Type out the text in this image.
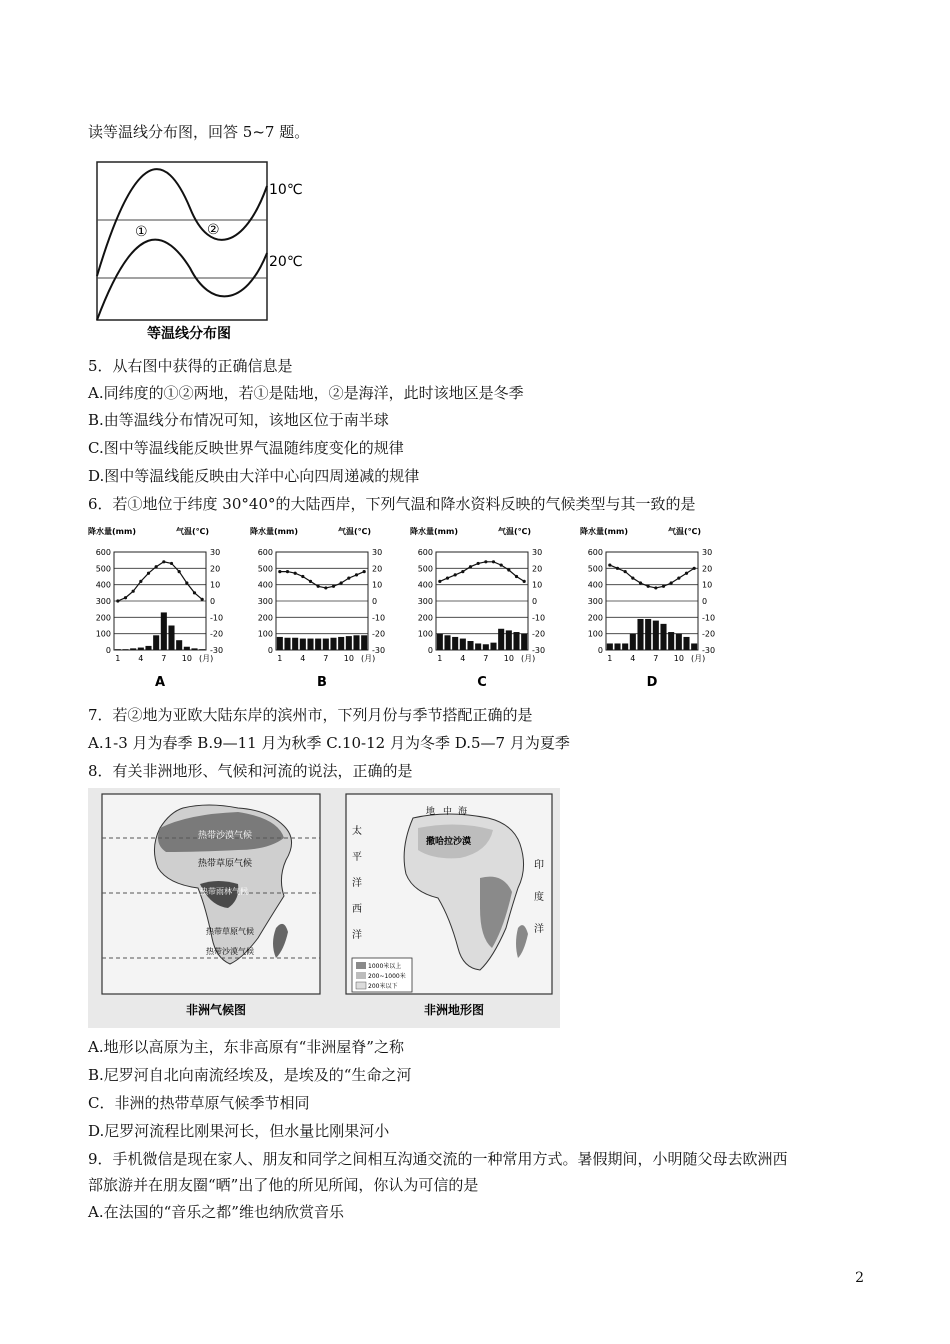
读等温线分布图，回答 5~7 题。
10℃
20℃
①	②
等温线分布图
5．从右图中获得的正确信息是
A.同纬度的①②两地，若①是陆地，②是海洋，此时该地区是冬季
B.由等温线分布情况可知，该地区位于南半球
C.图中等温线能反映世界气温随纬度变化的规律
D.图中等温线能反映由大洋中心向四周递减的规律
6．若①地位于纬度 30°40°的大陆西岸，下列气温和降水资料反映的气候类型与其一致的是
降水量(mm)	气温(℃)
600	30
500	20
400	10
300	0
200	-10
100	-20
0	-30
1 4 7 10 (月)
A
降水量(mm)	气温(℃)
600	30
500	20
400	10
300	0
200	-10
100	-20
0	-30
1 4 7 10 (月)
B
降水量(mm)	气温(℃)
600	30
500	20
400	10
300	0
200	-10
100	-20
0	-30
1 4 7 10 (月)
C
降水量(mm)	气温(℃)
600	30
500	20
400	10
300	0
200	-10
100	-20
0	-30
1 4 7 10 (月)
D
7．若②地为亚欧大陆东岸的滨州市，下列月份与季节搭配正确的是
A.1-3 月为春季 B.9—11 月为秋季 C.10-12 月为冬季 D.5—7 月为夏季
8．有关非洲地形、气候和河流的说法，正确的是
热带草原气候
热带沙漠气候
热带雨林气候
热带草原气候
热带沙漠气候
非洲气候图
地 中 海
撒哈拉沙漠
太
平
洋
西
洋
印
度
洋
1000米以上
200~1000米
200米以下
非洲地形图
A.地形以高原为主，东非高原有“非洲屋脊”之称
B.尼罗河自北向南流经埃及，是埃及的“生命之河
C．非洲的热带草原气候季节相同
D.尼罗河流程比刚果河长，但水量比刚果河小
9．手机微信是现在家人、朋友和同学之间相互沟通交流的一种常用方式。暑假期间，小明随父母去欧洲西
部旅游并在朋友圈“晒”出了他的所见所闻，你认为可信的是
A.在法国的“音乐之都”维也纳欣赏音乐
2
